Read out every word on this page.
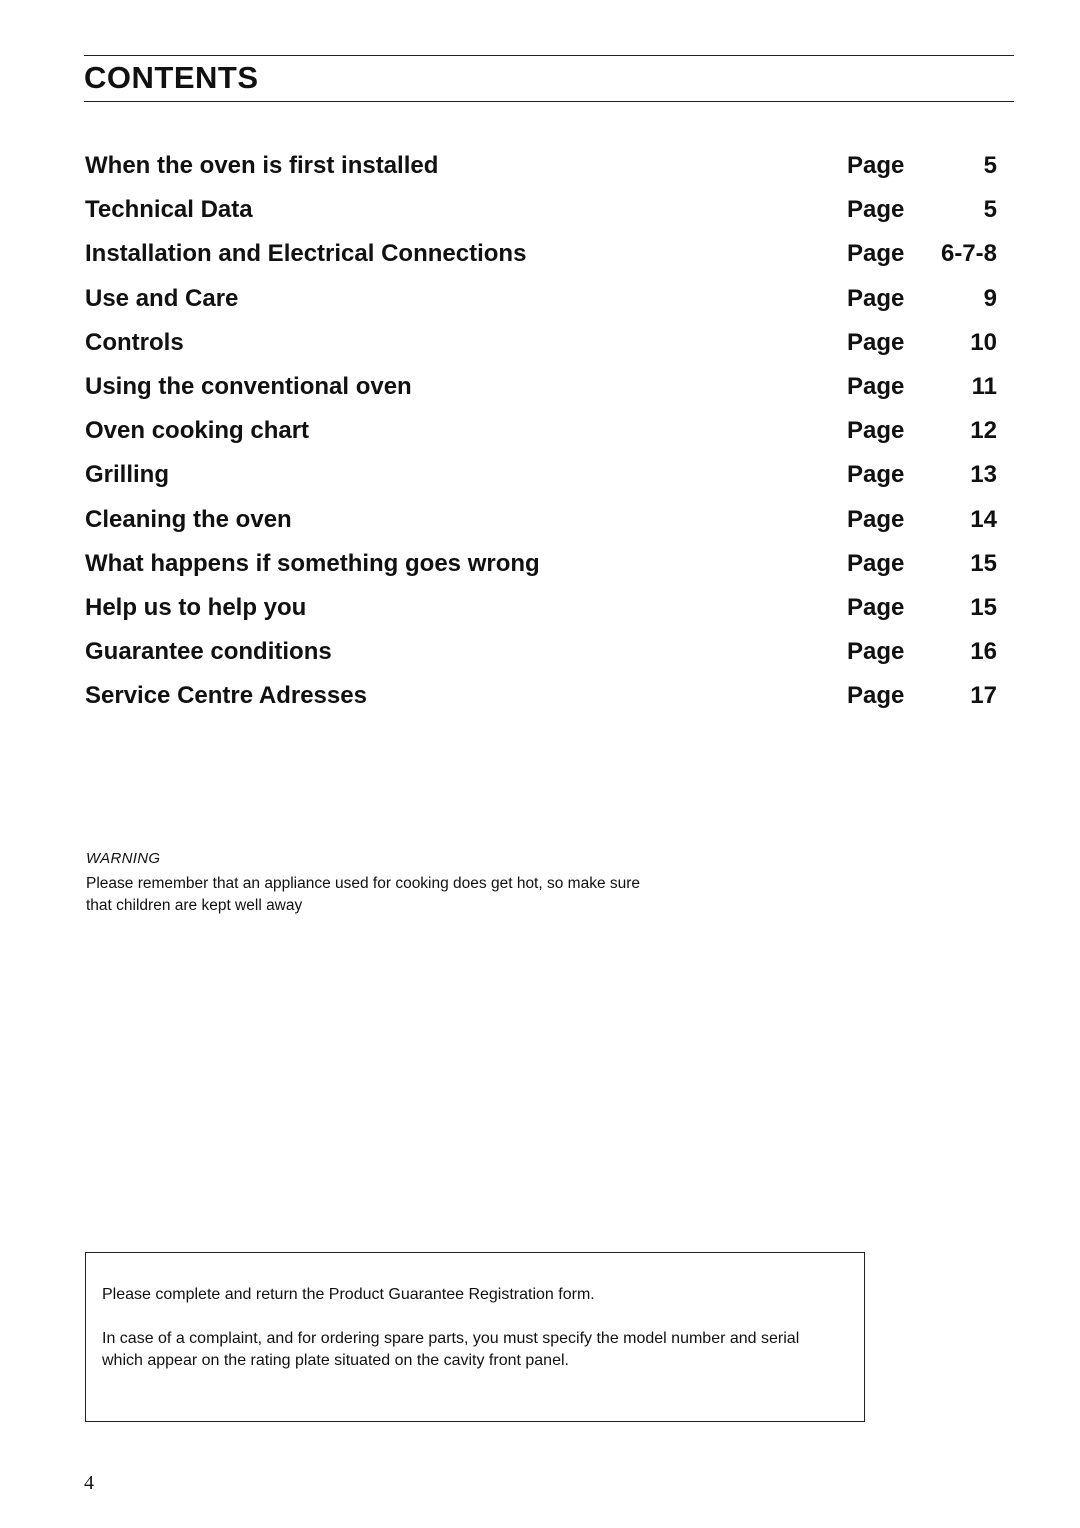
CONTENTS
When the oven is first installed	Page	5
Technical Data	Page	5
Installation and Electrical Connections	Page 6-7-8
Use and Care	Page	9
Controls	Page	10
Using the conventional oven	Page	11
Oven cooking chart	Page	12
Grilling	Page	13
Cleaning the oven	Page	14
What happens if something goes wrong	Page	15
Help us to help you	Page	15
Guarantee conditions	Page	16
Service Centre Adresses	Page	17
WARNING

Please remember that an appliance used for cooking does get hot, so make sure that children are kept well away

Please complete and return the Product Guarantee Registration form.

In case of a complaint, and for ordering spare parts, you must specify the model number and serial which appear on the rating plate situated on the cavity front panel.

4
